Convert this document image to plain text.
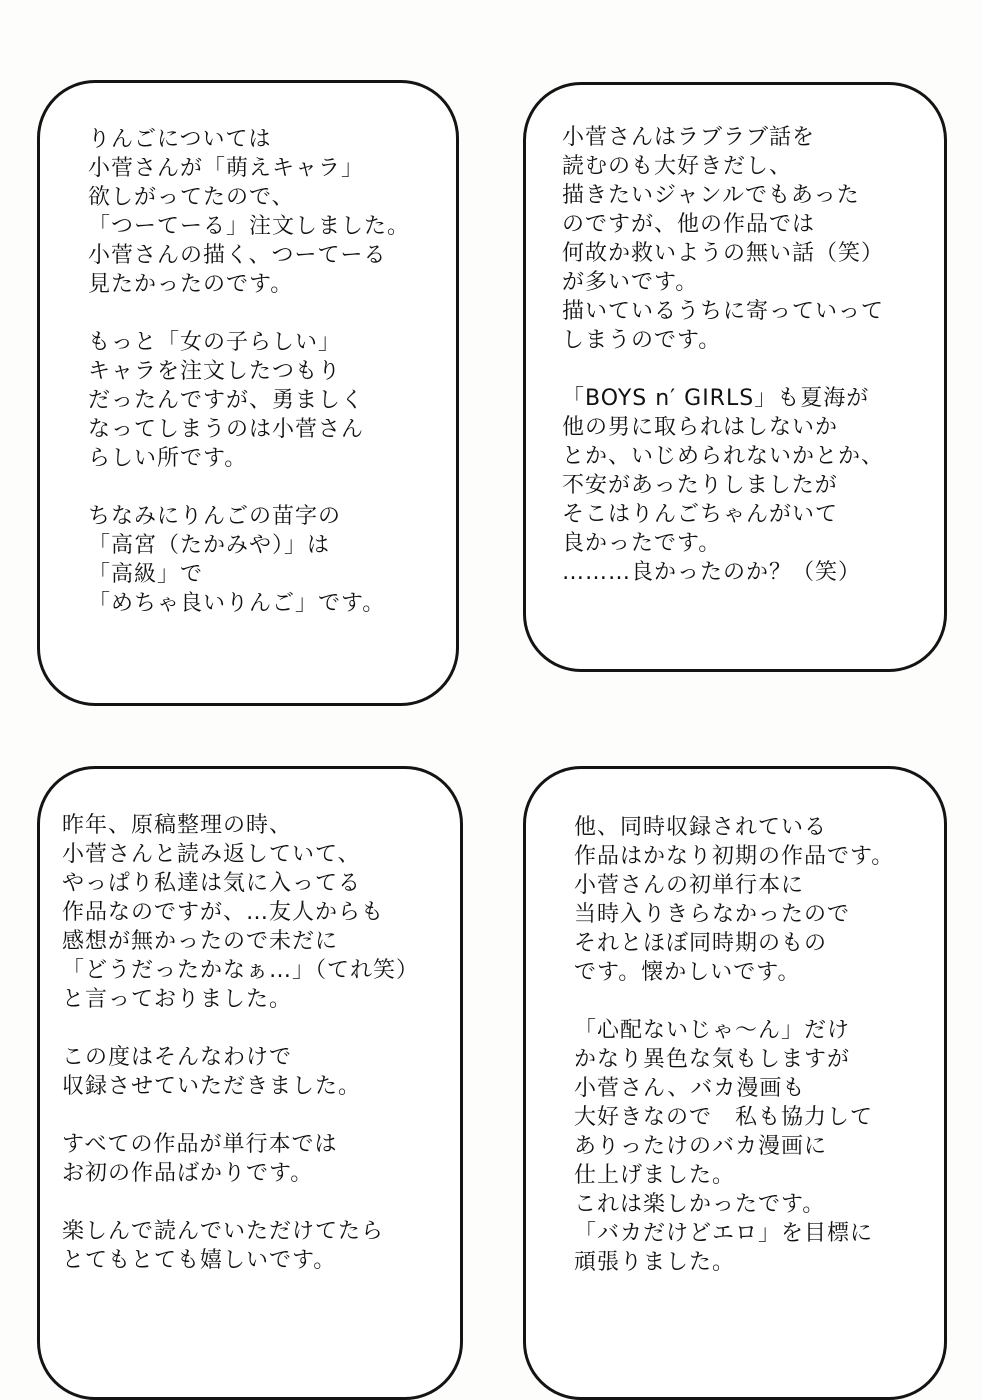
りんごについては
小菅さんが「萌えキャラ」
欲しがってたので、
「つーてーる」注文しました。
小菅さんの描く、つーてーる
見たかったのです。
もっと「女の子らしい」
キャラを注文したつもり
だったんですが、勇ましく
なってしまうのは小菅さん
らしい所です。
ちなみにりんごの苗字の
「高宮（たかみや）」は
「高級」で
「めちゃ良いりんご」です。
小菅さんはラブラブ話を
読むのも大好きだし、
描きたいジャンルでもあった
のですが、他の作品では
何故か救いようの無い話（笑）
が多いです。
描いているうちに寄っていって
しまうのです。
「BOYS n′ GIRLS」も夏海が
他の男に取られはしないか
とか、いじめられないかとか、
不安があったりしましたが
そこはりんごちゃんがいて
良かったです。
………良かったのか？（笑）
昨年、原稿整理の時、
小菅さんと読み返していて、
やっぱり私達は気に入ってる
作品なのですが、…友人からも
感想が無かったので未だに
「どうだったかなぁ…」（てれ笑）
と言っておりました。
この度はそんなわけで
収録させていただきました。
すべての作品が単行本では
お初の作品ばかりです。
楽しんで読んでいただけてたら
とてもとても嬉しいです。
他、同時収録されている
作品はかなり初期の作品です。
小菅さんの初単行本に
当時入りきらなかったので
それとほぼ同時期のもの
です。懐かしいです。
「心配ないじゃ～ん」だけ
かなり異色な気もしますが
小菅さん、バカ漫画も
大好きなので　私も協力して
ありったけのバカ漫画に
仕上げました。
これは楽しかったです。
「バカだけどエロ」を目標に
頑張りました。
